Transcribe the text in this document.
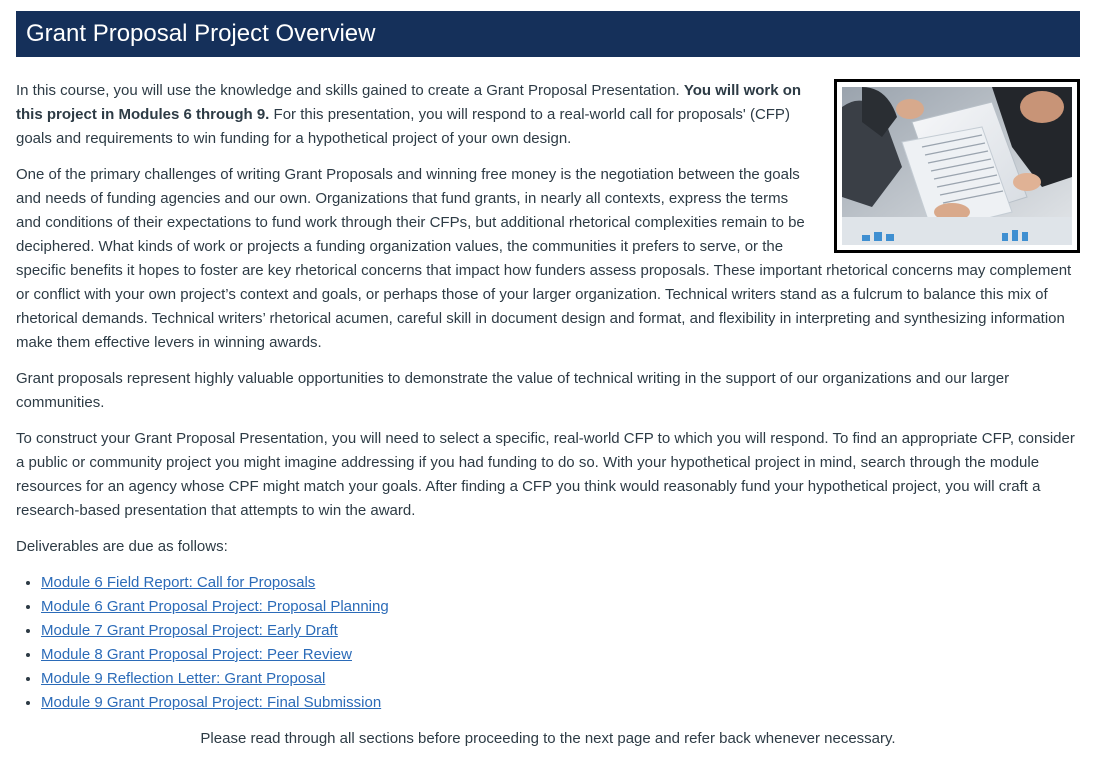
Grant Proposal Project Overview

In this course, you will use the knowledge and skills gained to create a Grant Proposal Presentation. You will work on this project in Modules 6 through 9. For this presentation, you will respond to a real-world call for proposals' (CFP) goals and requirements to win funding for a hypothetical project of your own design.

One of the primary challenges of writing Grant Proposals and winning free money is the negotiation between the goals and needs of funding agencies and our own. Organizations that fund grants, in nearly all contexts, express the terms and conditions of their expectations to fund work through their CFPs, but additional rhetorical complexities remain to be deciphered. What kinds of work or projects a funding organization values, the communities it prefers to serve, or the specific benefits it hopes to foster are key rhetorical concerns that impact how funders assess proposals. These important rhetorical concerns may complement or conflict with your own project’s context and goals, or perhaps those of your larger organization. Technical writers stand as a fulcrum to balance this mix of rhetorical demands. Technical writers’ rhetorical acumen, careful skill in document design and format, and flexibility in interpreting and synthesizing information make them effective levers in winning awards.

Grant proposals represent highly valuable opportunities to demonstrate the value of technical writing in the support of our organizations and our larger communities.

To construct your Grant Proposal Presentation, you will need to select a specific, real-world CFP to which you will respond. To find an appropriate CFP, consider a public or community project you might imagine addressing if you had funding to do so. With your hypothetical project in mind, search through the module resources for an agency whose CPF might match your goals. After finding a CFP you think would reasonably fund your hypothetical project, you will craft a research-based presentation that attempts to win the award.

Deliverables are due as follows:

• Module 6 Field Report: Call for Proposals
• Module 6 Grant Proposal Project: Proposal Planning
• Module 7 Grant Proposal Project: Early Draft
• Module 8 Grant Proposal Project: Peer Review
• Module 9 Reflection Letter: Grant Proposal
• Module 9 Grant Proposal Project: Final Submission

Please read through all sections before proceeding to the next page and refer back whenever necessary.
